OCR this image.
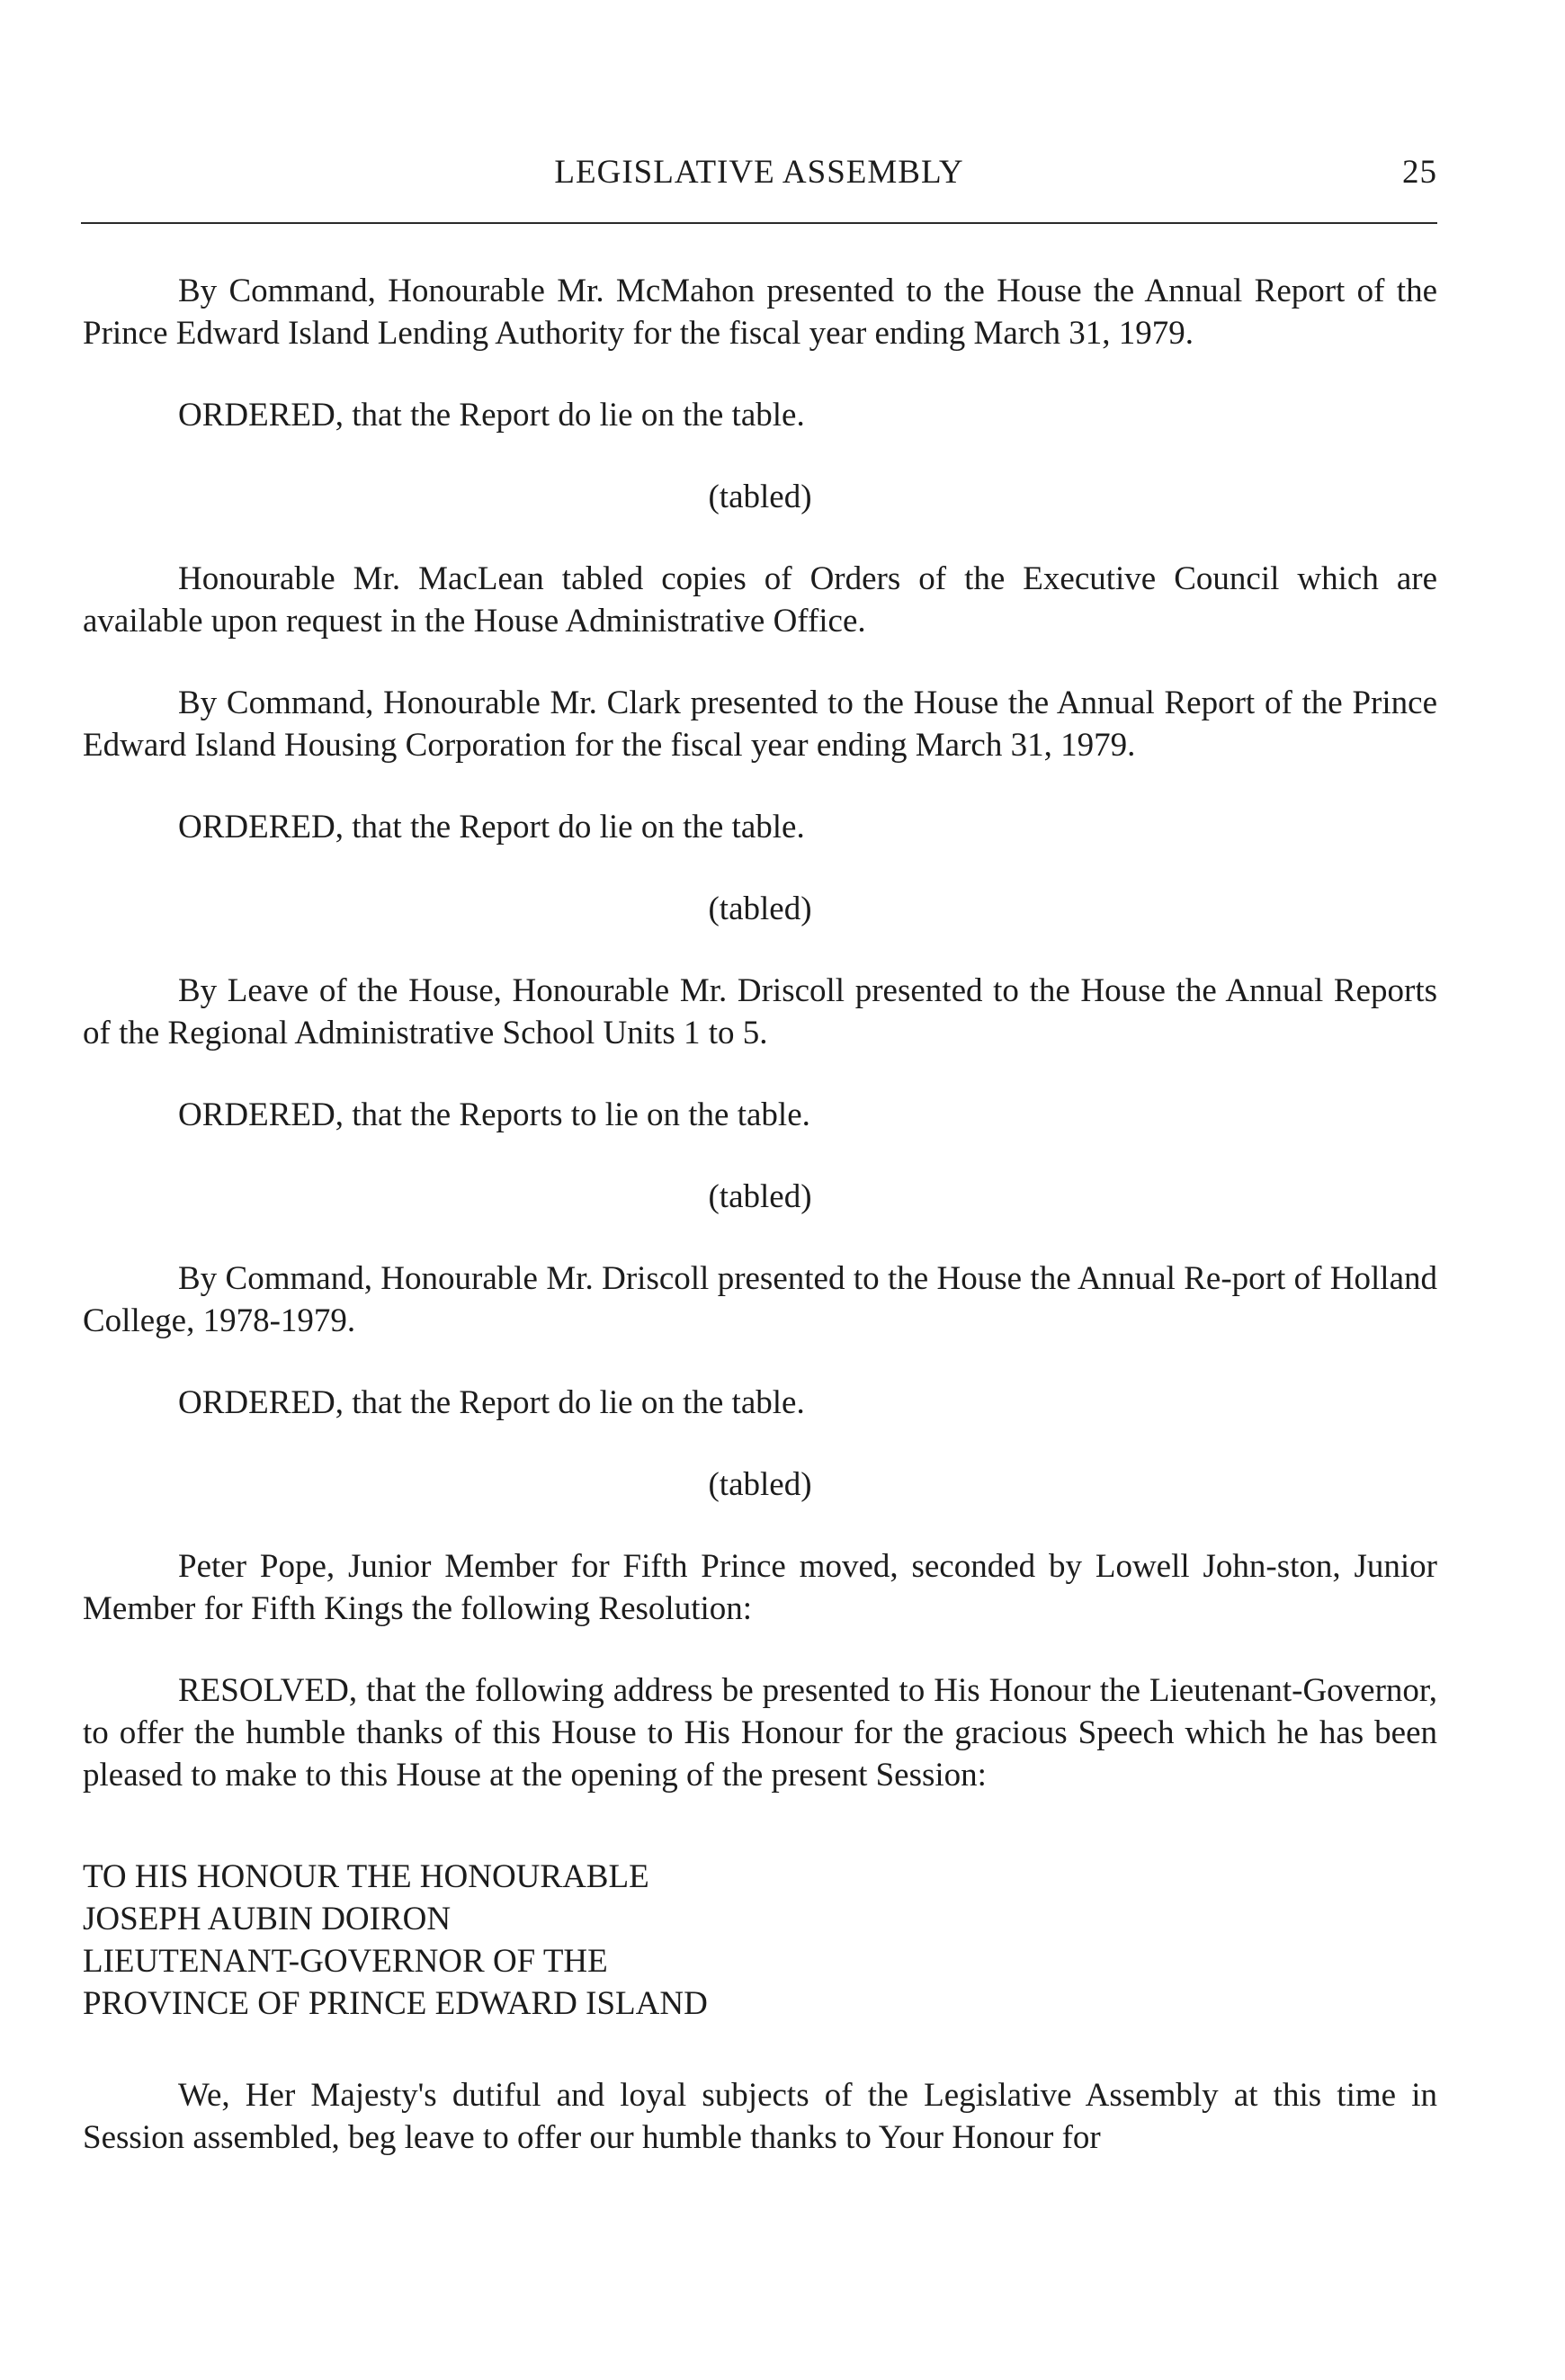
LEGISLATIVE ASSEMBLY	25

By Command, Honourable Mr. McMahon presented to the House the Annual Report of the Prince Edward Island Lending Authority for the fiscal year ending March 31, 1979.

ORDERED, that the Report do lie on the table.

(tabled)

Honourable Mr. MacLean tabled copies of Orders of the Executive Council which are available upon request in the House Administrative Office.

By Command, Honourable Mr. Clark presented to the House the Annual Report of the Prince Edward Island Housing Corporation for the fiscal year ending March 31, 1979.

ORDERED, that the Report do lie on the table.

(tabled)

By Leave of the House, Honourable Mr. Driscoll presented to the House the Annual Reports of the Regional Administrative School Units 1 to 5.

ORDERED, that the Reports to lie on the table.

(tabled)

By Command, Honourable Mr. Driscoll presented to the House the Annual Re-port of Holland College, 1978-1979.

ORDERED, that the Report do lie on the table.

(tabled)

Peter Pope, Junior Member for Fifth Prince moved, seconded by Lowell John-ston, Junior Member for Fifth Kings the following Resolution:

RESOLVED, that the following address be presented to His Honour the Lieutenant-Governor, to offer the humble thanks of this House to His Honour for the gracious Speech which he has been pleased to make to this House at the opening of the present Session:

TO HIS HONOUR THE HONOURABLE
JOSEPH AUBIN DOIRON
LIEUTENANT-GOVERNOR OF THE
PROVINCE OF PRINCE EDWARD ISLAND

We, Her Majesty's dutiful and loyal subjects of the Legislative Assembly at this time in Session assembled, beg leave to offer our humble thanks to Your Honour for
